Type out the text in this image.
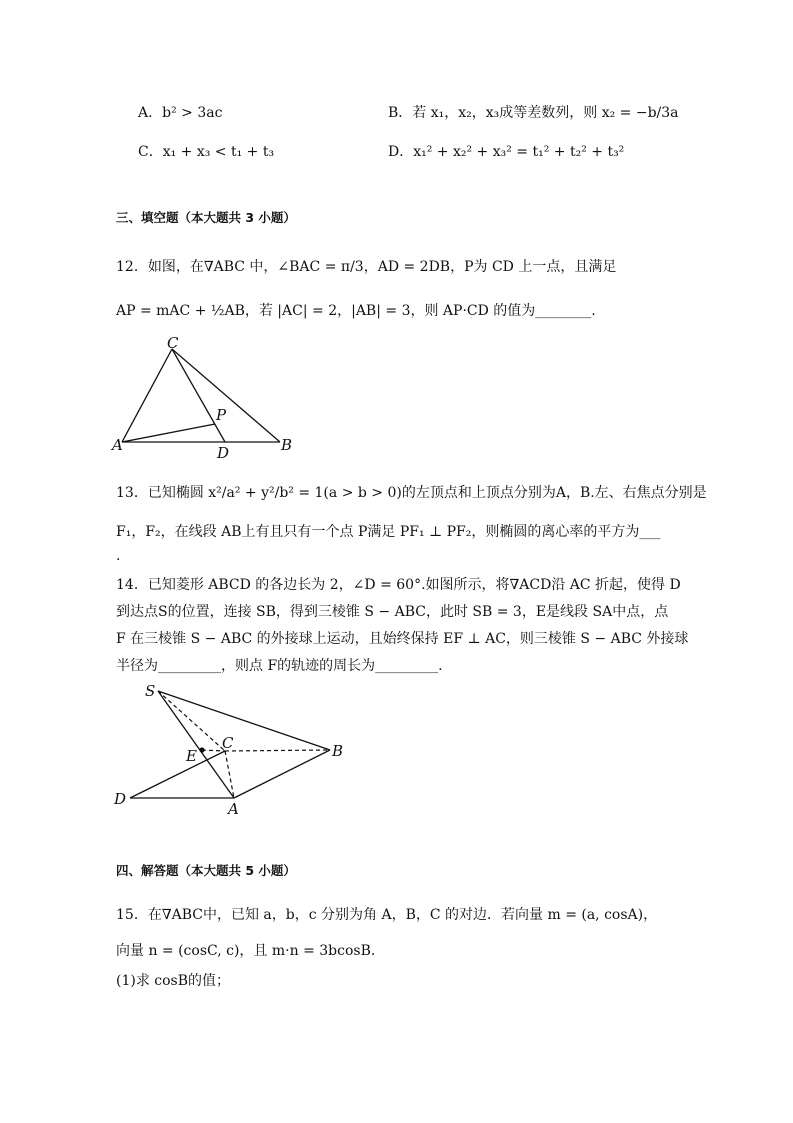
A．b² > 3ac	B．若 x₁，x₂，x₃成等差数列，则 x₂ = −b/3a
C．x₁ + x₃ < t₁ + t₃	D．x₁² + x₂² + x₃² = t₁² + t₂² + t₃²
三、填空题（本大题共 3 小题）
12．如图，在∇ABC 中，∠BAC = π/3，AD = 2DB，P为 CD 上一点，且满足
AP = mAC + ½AB，若 |AC| = 2，|AB| = 3，则 AP·CD 的值为________.
C
P
A	D	B
13．已知椭圆 x²/a² + y²/b² = 1(a > b > 0)的左顶点和上顶点分别为A，B.左、右焦点分别是
F₁，F₂，在线段 AB上有且只有一个点 P满足 PF₁ ⊥ PF₂，则椭圆的离心率的平方为___
.
14．已知菱形 ABCD 的各边长为 2，∠D = 60°.如图所示，将∇ACD沿 AC 折起，使得 D
到达点S的位置，连接 SB，得到三棱锥 S − ABC，此时 SB = 3，E是线段 SA中点，点
F 在三棱锥 S − ABC 的外接球上运动，且始终保持 EF ⊥ AC，则三棱锥 S − ABC 外接球
半径为_________，则点 F的轨迹的周长为_________.
S
C
E	B
D
A
四、解答题（本大题共 5 小题）
15．在∇ABC中，已知 a，b，c 分别为角 A，B，C 的对边．若向量 m = (a, cosA)，
向量 n = (cosC, c)，且 m·n = 3bcosB．
(1)求 cosB的值；
